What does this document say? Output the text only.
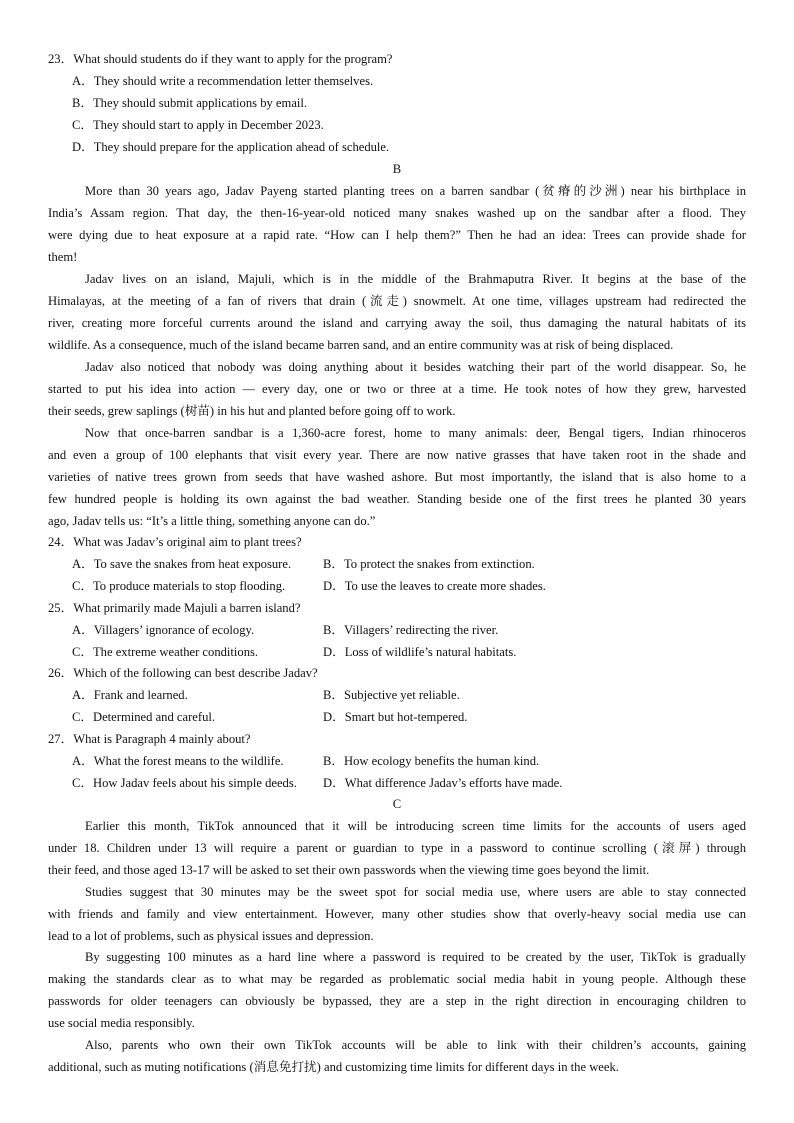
23．What should students do if they want to apply for the program?
A．They should write a recommendation letter themselves.
B．They should submit applications by email.
C．They should start to apply in December 2023.
D．They should prepare for the application ahead of schedule.
B
More than 30 years ago, Jadav Payeng started planting trees on a barren sandbar (贫瘠的沙洲) near his birthplace in
India’s Assam region. That day, the then-16-year-old noticed many snakes washed up on the sandbar after a flood. They
were dying due to heat exposure at a rapid rate. “How can I help them?” Then he had an idea: Trees can provide shade for
them!
Jadav lives on an island, Majuli, which is in the middle of the Brahmaputra River. It begins at the base of the
Himalayas, at the meeting of a fan of rivers that drain (流走) snowmelt. At one time, villages upstream had redirected the
river, creating more forceful currents around the island and carrying away the soil, thus damaging the natural habitats of its
wildlife. As a consequence, much of the island became barren sand, and an entire community was at risk of being displaced.
Jadav also noticed that nobody was doing anything about it besides watching their part of the world disappear. So, he
started to put his idea into action — every day, one or two or three at a time. He took notes of how they grew, harvested
their seeds, grew saplings (树苗) in his hut and planted before going off to work.
Now that once-barren sandbar is a 1,360-acre forest, home to many animals: deer, Bengal tigers, Indian rhinoceros
and even a group of 100 elephants that visit every year. There are now native grasses that have taken root in the shade and
varieties of native trees grown from seeds that have washed ashore. But most importantly, the island that is also home to a
few hundred people is holding its own against the bad weather. Standing beside one of the first trees he planted 30 years
ago, Jadav tells us: “It’s a little thing, something anyone can do.”
24．What was Jadav’s original aim to plant trees?
A．To save the snakes from heat exposure.	B．To protect the snakes from extinction.
C．To produce materials to stop flooding.	D．To use the leaves to create more shades.
25．What primarily made Majuli a barren island?
A．Villagers’ ignorance of ecology.	B．Villagers’ redirecting the river.
C．The extreme weather conditions.	D．Loss of wildlife’s natural habitats.
26．Which of the following can best describe Jadav?
A．Frank and learned.	B．Subjective yet reliable.
C．Determined and careful.	D．Smart but hot-tempered.
27．What is Paragraph 4 mainly about?
A．What the forest means to the wildlife.	B．How ecology benefits the human kind.
C．How Jadav feels about his simple deeds.	D．What difference Jadav’s efforts have made.
C
Earlier this month, TikTok announced that it will be introducing screen time limits for the accounts of users aged
under 18. Children under 13 will require a parent or guardian to type in a password to continue scrolling (滚屏) through
their feed, and those aged 13-17 will be asked to set their own passwords when the viewing time goes beyond the limit.
Studies suggest that 30 minutes may be the sweet spot for social media use, where users are able to stay connected
with friends and family and view entertainment. However, many other studies show that overly-heavy social media use can
lead to a lot of problems, such as physical issues and depression.
By suggesting 100 minutes as a hard line where a password is required to be created by the user, TikTok is gradually
making the standards clear as to what may be regarded as problematic social media habit in young people. Although these
passwords for older teenagers can obviously be bypassed, they are a step in the right direction in encouraging children to
use social media responsibly.
Also, parents who own their own TikTok accounts will be able to link with their children’s accounts, gaining
additional, such as muting notifications (消息免打扰) and customizing time limits for different days in the week.
